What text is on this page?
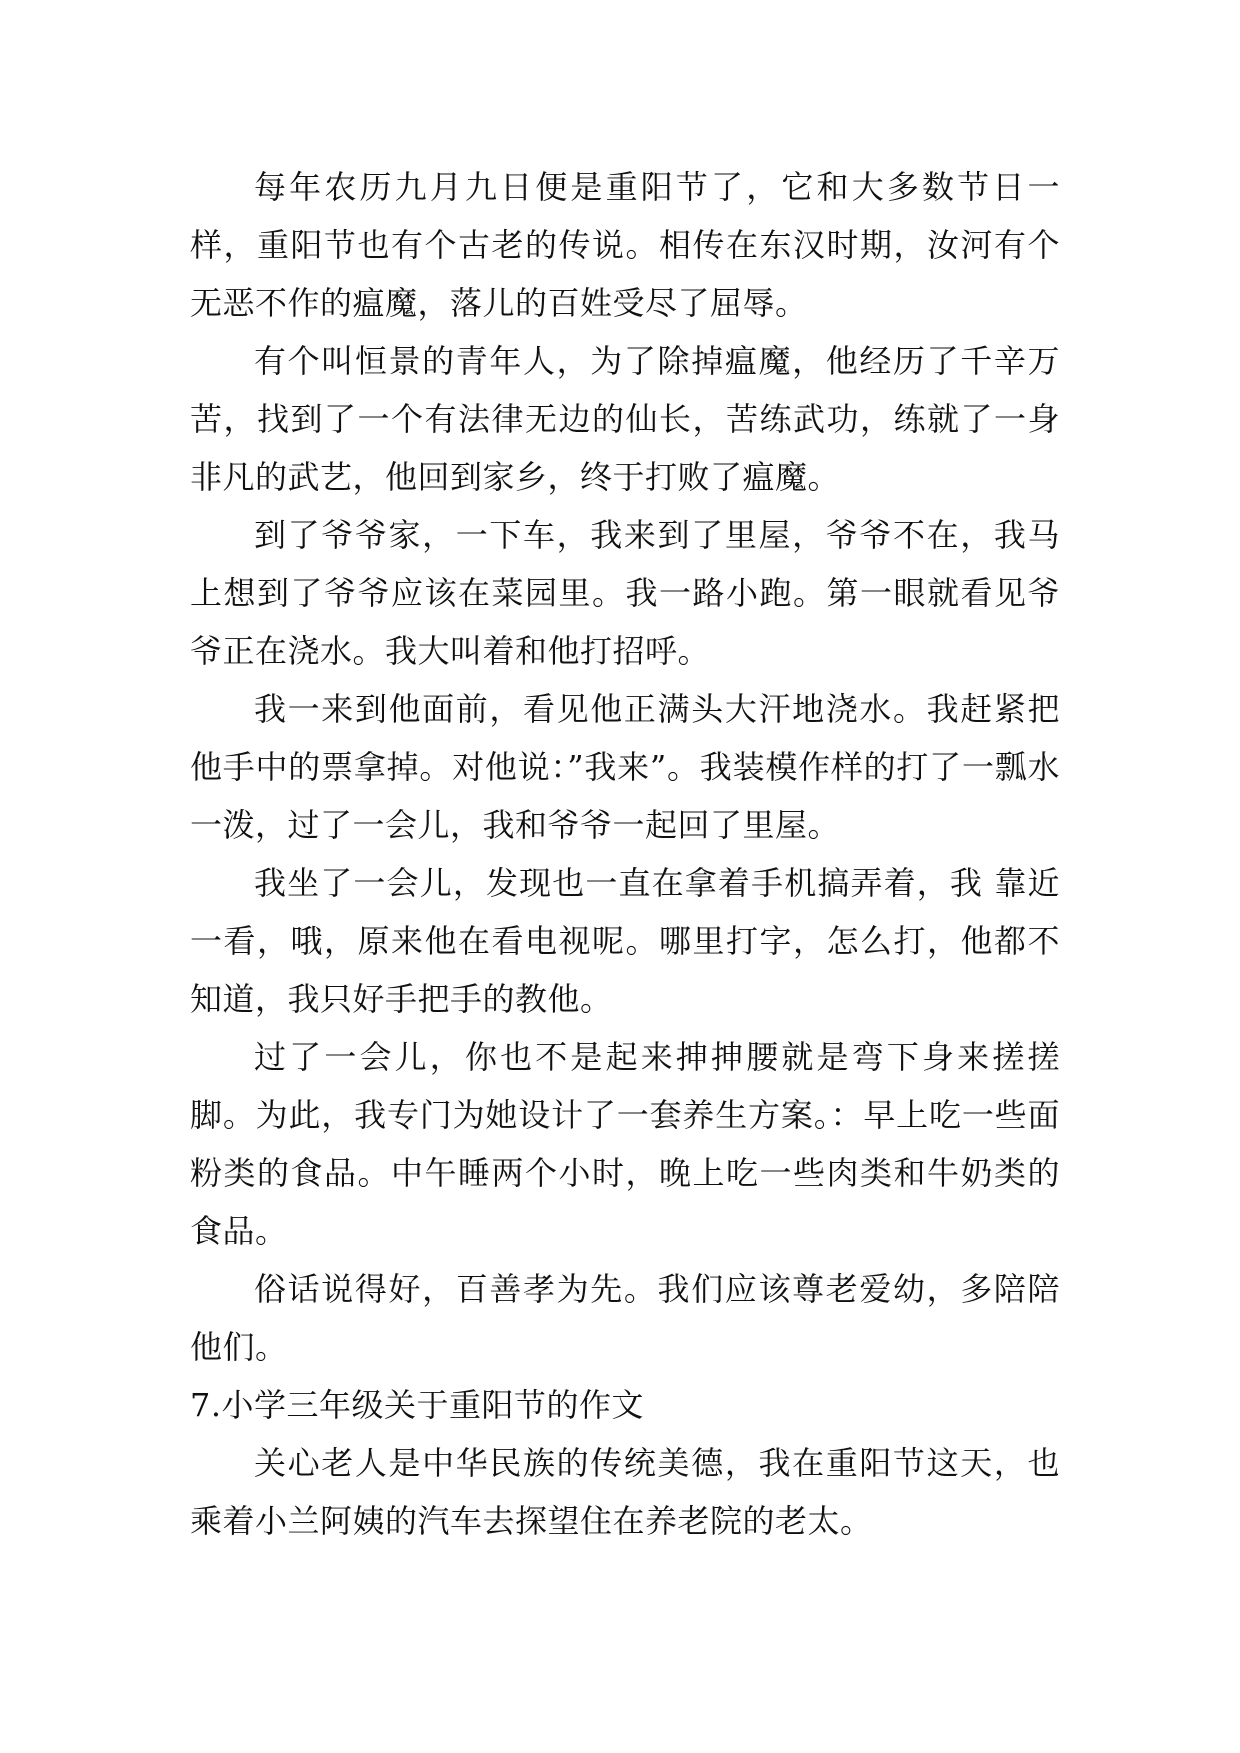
每年农历九月九日便是重阳节了，它和大多数节日一样，重阳节也有个古老的传说。相传在东汉时期，汝河有个无恶不作的瘟魔，落儿的百姓受尽了屈辱。

有个叫恒景的青年人，为了除掉瘟魔，他经历了千辛万苦，找到了一个有法律无边的仙长，苦练武功，练就了一身非凡的武艺，他回到家乡，终于打败了瘟魔。

到了爷爷家，一下车，我来到了里屋，爷爷不在，我马上想到了爷爷应该在菜园里。我一路小跑。第一眼就看见爷爷正在浇水。我大叫着和他打招呼。

我一来到他面前，看见他正满头大汗地浇水。我赶紧把他手中的票拿掉。对他说：”我来”。我装模作样的打了一瓢水一泼，过了一会儿，我和爷爷一起回了里屋。

我坐了一会儿，发现也一直在拿着手机搞弄着，我 靠近一看，哦，原来他在看电视呢。哪里打字，怎么打，他都不知道，我只好手把手的教他。

过了一会儿，你也不是起来抻抻腰就是弯下身来搓搓脚。为此，我专门为她设计了一套养生方案。：早上吃一些面粉类的食品。中午睡两个小时，晚上吃一些肉类和牛奶类的食品。

俗话说得好，百善孝为先。我们应该尊老爱幼，多陪陪他们。

7.小学三年级关于重阳节的作文

关心老人是中华民族的传统美德，我在重阳节这天，也乘着小兰阿姨的汽车去探望住在养老院的老太。
